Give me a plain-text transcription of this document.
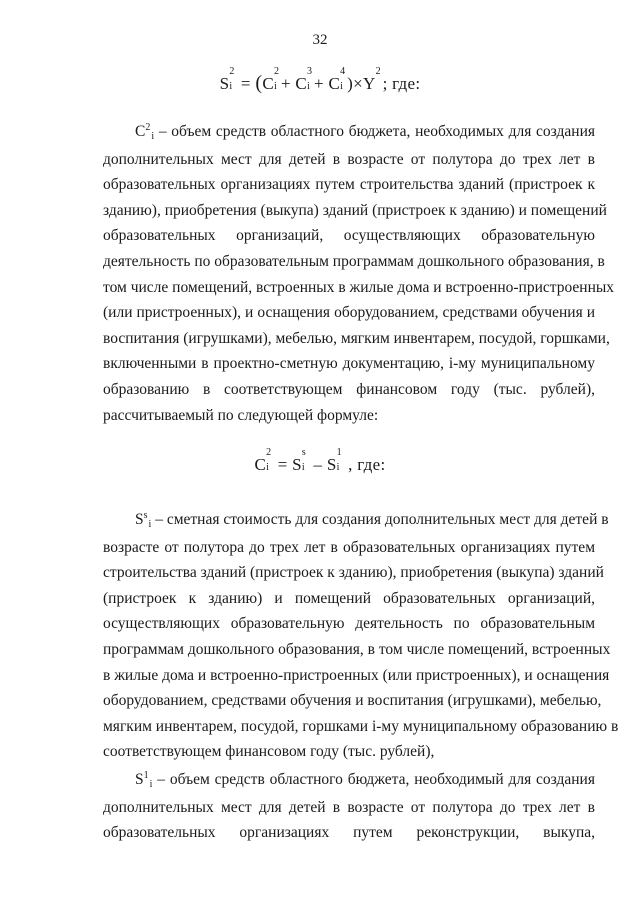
32
S
2
i = (C
2
i + C
3
i + C
4
i )×Y
2
; где:
$C^2i$ – объем средств областного бюджета, необходимых для создания
дополнительных мест для детей в возрасте от полутора до трех лет в
образовательных организациях путем строительства зданий (пристроек к
зданию), приобретения (выкупа) зданий (пристроек к зданию) и помещений
образовательных организаций, осуществляющих образовательную
деятельность по образовательным программам дошкольного образования, в
том числе помещений, встроенных в жилые дома и встроенно-пристроенных
(или пристроенных), и оснащения оборудованием, средствами обучения и
воспитания (игрушками), мебелью, мягким инвентарем, посудой, горшками,
включенными в проектно-сметную документацию, i-му муниципальному
образованию в соответствующем финансовом году (тыс. рублей),
рассчитываемый по следующей формуле:
C
2
i = S
s
i – S
1
i , где:
$S^si$ – сметная стоимость для создания дополнительных мест для детей в
возрасте от полутора до трех лет в образовательных организациях путем
строительства зданий (пристроек к зданию), приобретения (выкупа) зданий
(пристроек к зданию) и помещений образовательных организаций,
осуществляющих образовательную деятельность по образовательным
программам дошкольного образования, в том числе помещений, встроенных
в жилые дома и встроенно-пристроенных (или пристроенных), и оснащения
оборудованием, средствами обучения и воспитания (игрушками), мебелью,
мягким инвентарем, посудой, горшками i-му муниципальному образованию в
соответствующем финансовом году (тыс. рублей),
$S^1i$ – объем средств областного бюджета, необходимый для создания
дополнительных мест для детей в возрасте от полутора до трех лет в
образовательных организациях путем реконструкции, выкупа,
